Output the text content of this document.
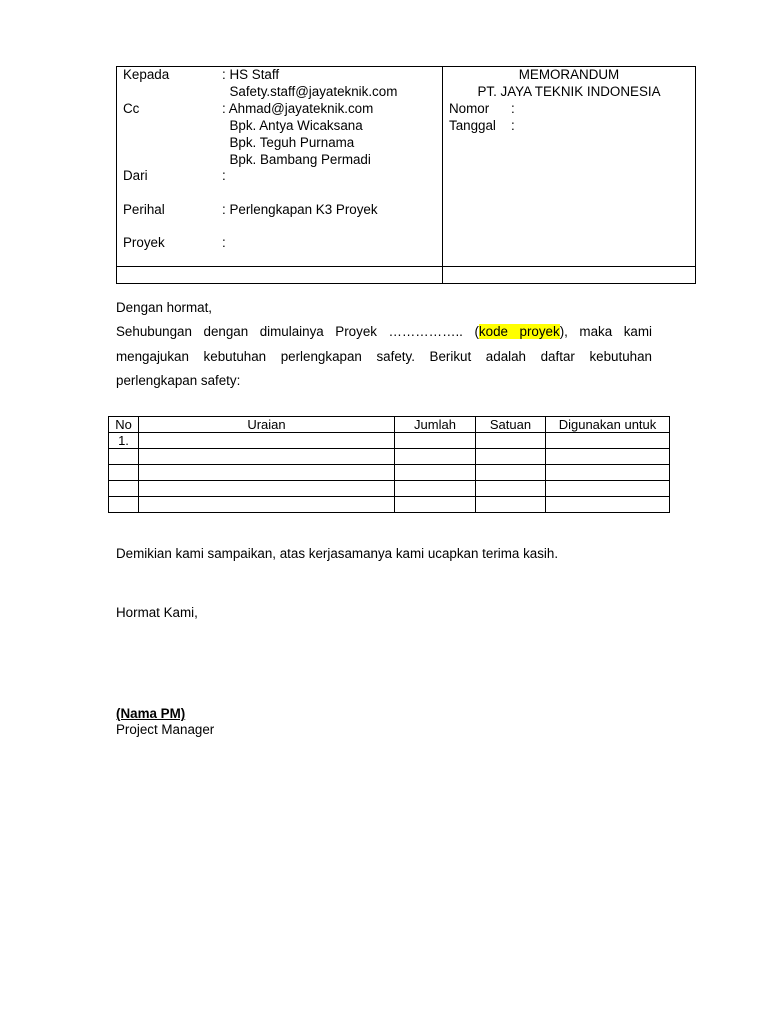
Kepada	: HS Staff
Safety.staff@jayateknik.com
Cc	: Ahmad@jayateknik.com
Bpk. Antya Wicaksana
Bpk. Teguh Purnama
Bpk. Bambang Permadi
Dari	:
Perihal	: Perlengkapan K3 Proyek
Proyek	:
MEMORANDUM
PT. JAYA TEKNIK INDONESIA
Nomor :
Tanggal :

Dengan hormat,

Sehubungan dengan dimulainya Proyek …………….. (kode proyek), maka kami mengajukan kebutuhan perlengkapan safety. Berikut adalah daftar kebutuhan perlengkapan safety:

No	Uraian	Jumlah	Satuan	Digunakan untuk
1.				

Demikian kami sampaikan, atas kerjasamanya kami ucapkan terima kasih.
Hormat Kami,
(Nama PM)
Project Manager
